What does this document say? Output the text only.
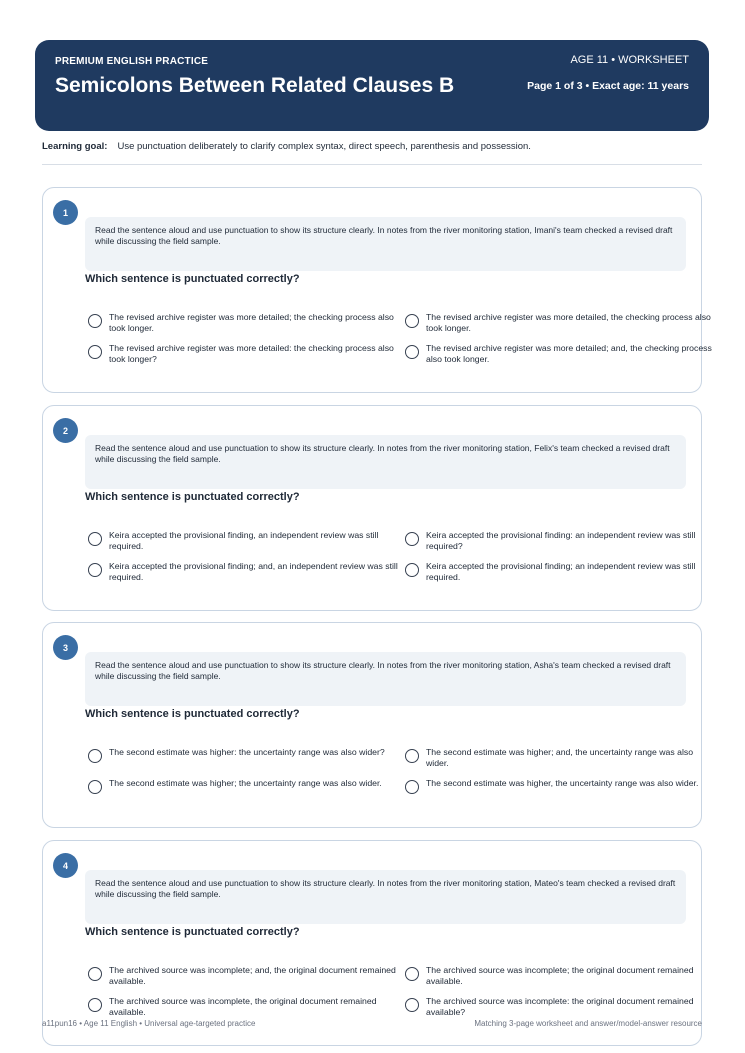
PREMIUM ENGLISH PRACTICE
Semicolons Between Related Clauses B
AGE 11 • WORKSHEET
Page 1 of 3 • Exact age: 11 years
Learning goal: Use punctuation deliberately to clarify complex syntax, direct speech, parenthesis and possession.
1
Read the sentence aloud and use punctuation to show its structure clearly. In notes from the river monitoring station, Imani's team checked a revised draft while discussing the field sample.
Which sentence is punctuated correctly?
The revised archive register was more detailed; the checking process also took longer.
The revised archive register was more detailed, the checking process also took longer.
The revised archive register was more detailed: the checking process also took longer?
The revised archive register was more detailed; and, the checking process also took longer.
2
Read the sentence aloud and use punctuation to show its structure clearly. In notes from the river monitoring station, Felix's team checked a revised draft while discussing the field sample.
Which sentence is punctuated correctly?
Keira accepted the provisional finding, an independent review was still required.
Keira accepted the provisional finding: an independent review was still required?
Keira accepted the provisional finding; and, an independent review was still required.
Keira accepted the provisional finding; an independent review was still required.
3
Read the sentence aloud and use punctuation to show its structure clearly. In notes from the river monitoring station, Asha's team checked a revised draft while discussing the field sample.
Which sentence is punctuated correctly?
The second estimate was higher: the uncertainty range was also wider?	The second estimate was higher; and, the uncertainty range was also wider.
The second estimate was higher; the uncertainty range was also wider.	The second estimate was higher, the uncertainty range was also wider.
4
Read the sentence aloud and use punctuation to show its structure clearly. In notes from the river monitoring station, Mateo's team checked a revised draft while discussing the field sample.
Which sentence is punctuated correctly?
The archived source was incomplete; and, the original document remained available.
The archived source was incomplete; the original document remained available.
The archived source was incomplete, the original document remained available.
The archived source was incomplete: the original document remained available?
a11pun16 • Age 11 English • Universal age-targeted practice	Matching 3-page worksheet and answer/model-answer resource
